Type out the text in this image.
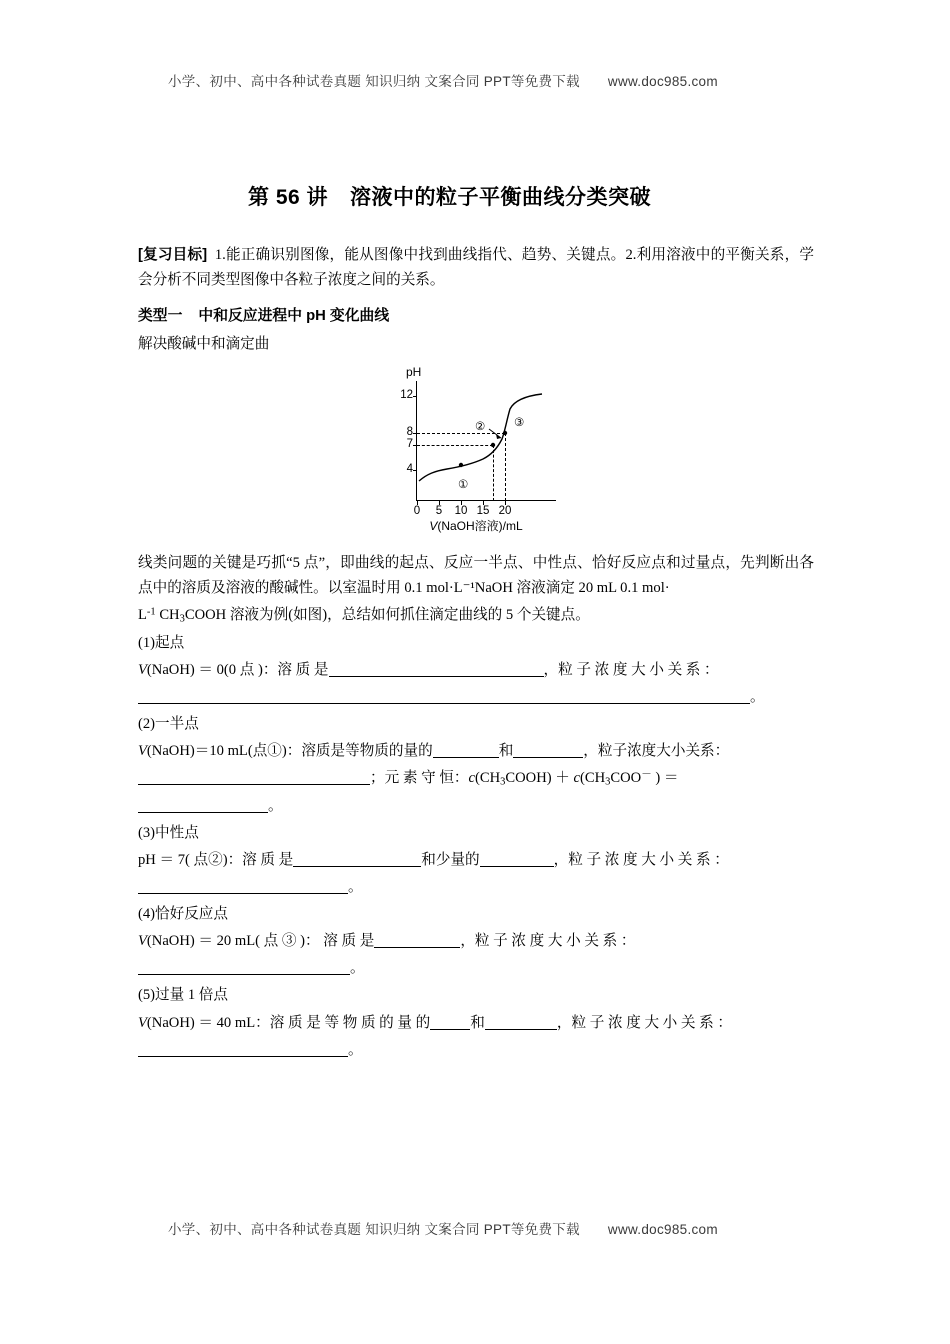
小学、初中、高中各种试卷真题 知识归纳 文案合同 PPT等免费下载 www.doc985.com
第 56 讲 溶液中的粒子平衡曲线分类突破

[复习目标] 1.能正确识别图像，能从图像中找到曲线指代、趋势、关键点。2.利用溶液中的平衡关系，学会分析不同类型图像中各粒子浓度之间的关系。

类型一 中和反应进程中 pH 变化曲线

解决酸碱中和滴定曲

pH
12
8
7
4
0	5	10 15 20
①
② ③
V(NaOH溶液)/mL

线类问题的关键是巧抓“5 点”，即曲线的起点、反应一半点、中性点、恰好反应点和过量点，先判断出各点中的溶质及溶液的酸碱性。以室温时用 0.1 mol·L⁻¹NaOH 溶液滴定 20 mL 0.1 mol·

$L^{-1}$ $CH_3COOH$ 溶液为例(如图)，总结如何抓住滴定曲线的 5 个关键点。

(1)起点

V(NaOH) ＝ 0(0 点 )：溶 质 是	，粒 子 浓 度 大 小 关 系 ：

。

(2)一半点

V(NaOH)＝10 mL(点①)：溶质是等物质的量的	和	，粒子浓度大小关系：

；元 素 守 恒：$c(CH_3COOH) + c(CH_3COO^-$ ) ＝

。

(3)中性点

pH ＝ 7( 点②)：溶 质 是	和少量的	，粒 子 浓 度 大 小 关 系 ：

。

(4)恰好反应点

V(NaOH) ＝ 20 mL( 点 ③ )： 溶 质 是	，粒 子 浓 度 大 小 关 系 ：

。

(5)过量 1 倍点

V(NaOH) ＝ 40 mL：溶 质 是 等 物 质 的 量 的	和	，粒 子 浓 度 大 小 关 系 ：

。

小学、初中、高中各种试卷真题 知识归纳 文案合同 PPT等免费下载 www.doc985.com
